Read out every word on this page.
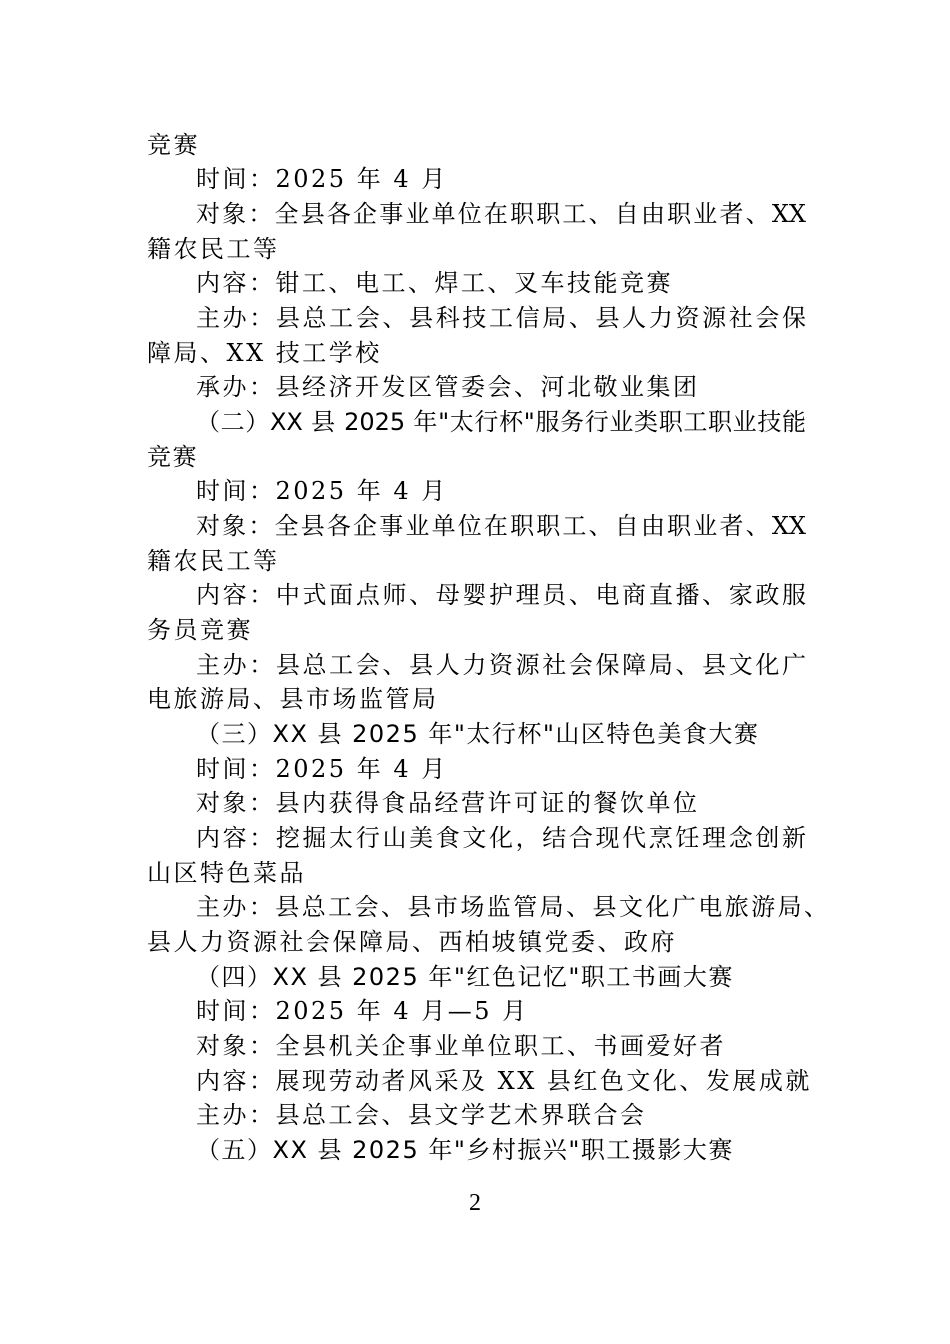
竞赛
时间：2025 年 4 月
对象：全县各企事业单位在职职工、自由职业者、XX
籍农民工等
内容：钳工、电工、焊工、叉车技能竞赛
主办：县总工会、县科技工信局、县人力资源社会保
障局、XX 技工学校
承办：县经济开发区管委会、河北敬业集团
（二）XX 县 2025 年"太行杯"服务行业类职工职业技能
竞赛
时间：2025 年 4 月
对象：全县各企事业单位在职职工、自由职业者、XX
籍农民工等
内容：中式面点师、母婴护理员、电商直播、家政服
务员竞赛
主办：县总工会、县人力资源社会保障局、县文化广
电旅游局、县市场监管局
（三）XX 县 2025 年"太行杯"山区特色美食大赛
时间：2025 年 4 月
对象：县内获得食品经营许可证的餐饮单位
内容：挖掘太行山美食文化，结合现代烹饪理念创新
山区特色菜品
主办：县总工会、县市场监管局、县文化广电旅游局、
县人力资源社会保障局、西柏坡镇党委、政府
（四）XX 县 2025 年"红色记忆"职工书画大赛
时间：2025 年 4 月—5 月
对象：全县机关企事业单位职工、书画爱好者
内容：展现劳动者风采及 XX 县红色文化、发展成就
主办：县总工会、县文学艺术界联合会
（五）XX 县 2025 年"乡村振兴"职工摄影大赛
2
